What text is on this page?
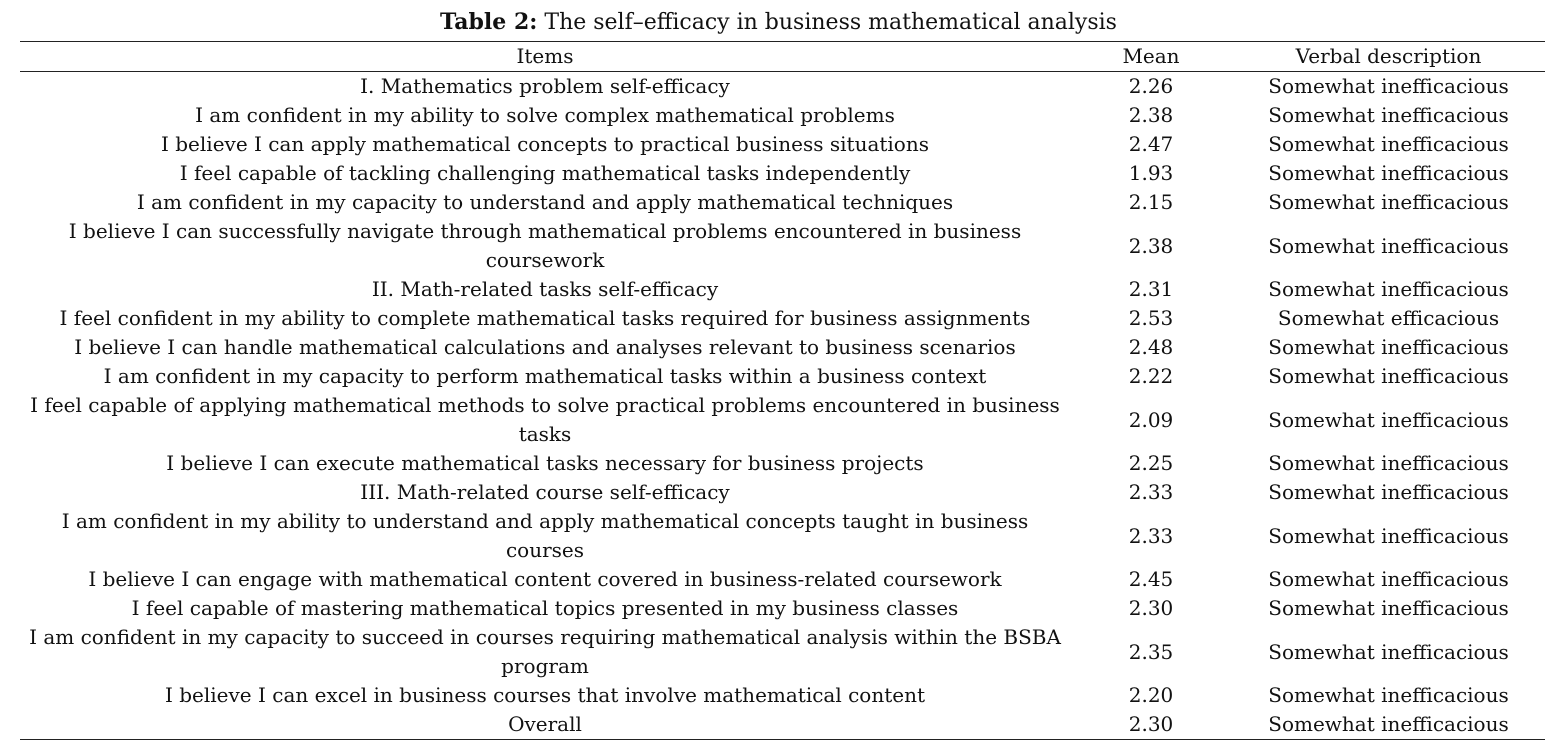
Table 2: The self–efficacy in business mathematical analysis
Items	Mean	Verbal description
I. Mathematics problem self-efficacy	2.26	Somewhat inefficacious
I am confident in my ability to solve complex mathematical problems	2.38	Somewhat inefficacious
I believe I can apply mathematical concepts to practical business situations	2.47	Somewhat inefficacious
I feel capable of tackling challenging mathematical tasks independently	1.93	Somewhat inefficacious
I am confident in my capacity to understand and apply mathematical techniques	2.15	Somewhat inefficacious
I believe I can successfully navigate through mathematical problems encountered in business coursework	2.38	Somewhat inefficacious
II. Math-related tasks self-efficacy	2.31	Somewhat inefficacious
I feel confident in my ability to complete mathematical tasks required for business assignments	2.53	Somewhat efficacious
I believe I can handle mathematical calculations and analyses relevant to business scenarios	2.48	Somewhat inefficacious
I am confident in my capacity to perform mathematical tasks within a business context	2.22	Somewhat inefficacious
I feel capable of applying mathematical methods to solve practical problems encountered in business tasks	2.09	Somewhat inefficacious
I believe I can execute mathematical tasks necessary for business projects	2.25	Somewhat inefficacious
III. Math-related course self-efficacy	2.33	Somewhat inefficacious
I am confident in my ability to understand and apply mathematical concepts taught in business courses	2.33	Somewhat inefficacious
I believe I can engage with mathematical content covered in business-related coursework	2.45	Somewhat inefficacious
I feel capable of mastering mathematical topics presented in my business classes	2.30	Somewhat inefficacious
I am confident in my capacity to succeed in courses requiring mathematical analysis within the BSBA program	2.35	Somewhat inefficacious
I believe I can excel in business courses that involve mathematical content	2.20	Somewhat inefficacious
Overall	2.30	Somewhat inefficacious
